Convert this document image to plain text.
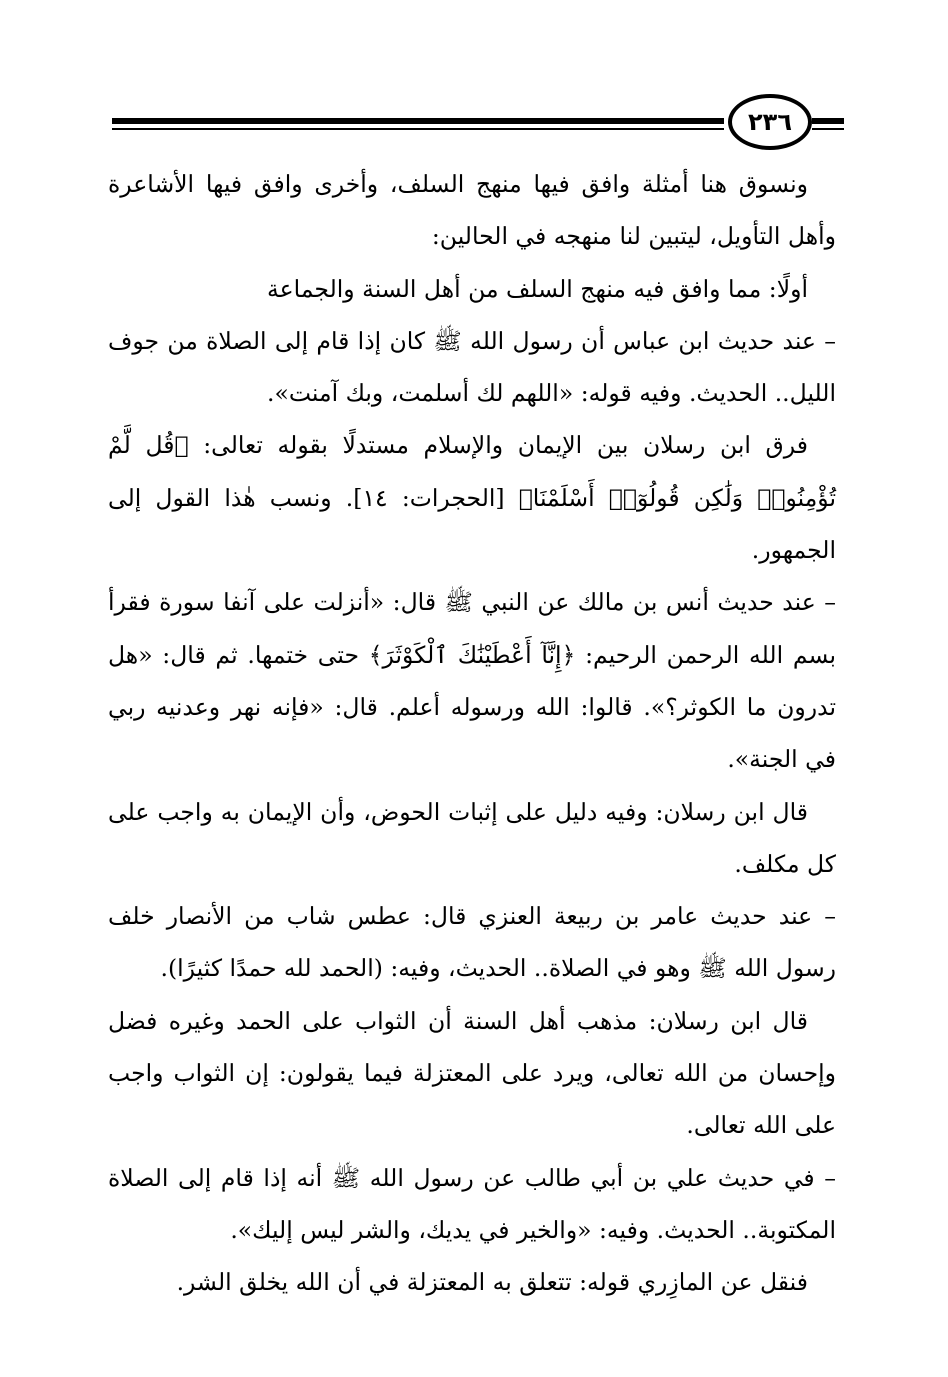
٢٣٦

ونسوق هنا أمثلة وافق فيها منهج السلف، وأخرى وافق فيها الأشاعرة وأهل التأويل، ليتبين لنا منهجه في الحالين:

أولًا: مما وافق فيه منهج السلف من أهل السنة والجماعة

– عند حديث ابن عباس أن رسول الله ﷺ كان إذا قام إلى الصلاة من جوف الليل.. الحديث. وفيه قوله: «اللهم لك أسلمت، وبك آمنت».

فرق ابن رسلان بين الإيمان والإسلام مستدلًا بقوله تعالى: ﴿قُل لَّمْ تُؤْمِنُوا۟ وَلَٰكِن قُولُوٓا۟ أَسْلَمْنَا﴾ [الحجرات: ١٤]. ونسب هٰذا القول إلى الجمهور.

– عند حديث أنس بن مالك عن النبي ﷺ قال: «أنزلت على آنفا سورة فقرأ بسم الله الرحمن الرحيم: ﴿إِنَّآ أَعْطَيْنَٰكَ ٱلْكَوْثَرَ﴾ حتى ختمها. ثم قال: «هل تدرون ما الكوثر؟». قالوا: الله ورسوله أعلم. قال: «فإنه نهر وعدنيه ربي في الجنة».

قال ابن رسلان: وفيه دليل على إثبات الحوض، وأن الإيمان به واجب على كل مكلف.

– عند حديث عامر بن ربيعة العنزي قال: عطس شاب من الأنصار خلف رسول الله ﷺ وهو في الصلاة.. الحديث، وفيه: (الحمد لله حمدًا كثيرًا).

قال ابن رسلان: مذهب أهل السنة أن الثواب على الحمد وغيره فضل وإحسان من الله تعالى، ويرد على المعتزلة فيما يقولون: إن الثواب واجب على الله تعالى.

– في حديث علي بن أبي طالب عن رسول الله ﷺ أنه إذا قام إلى الصلاة المكتوبة.. الحديث. وفيه: «والخير في يديك، والشر ليس إليك».

فنقل عن المازِري قوله: تتعلق به المعتزلة في أن الله يخلق الشر.
